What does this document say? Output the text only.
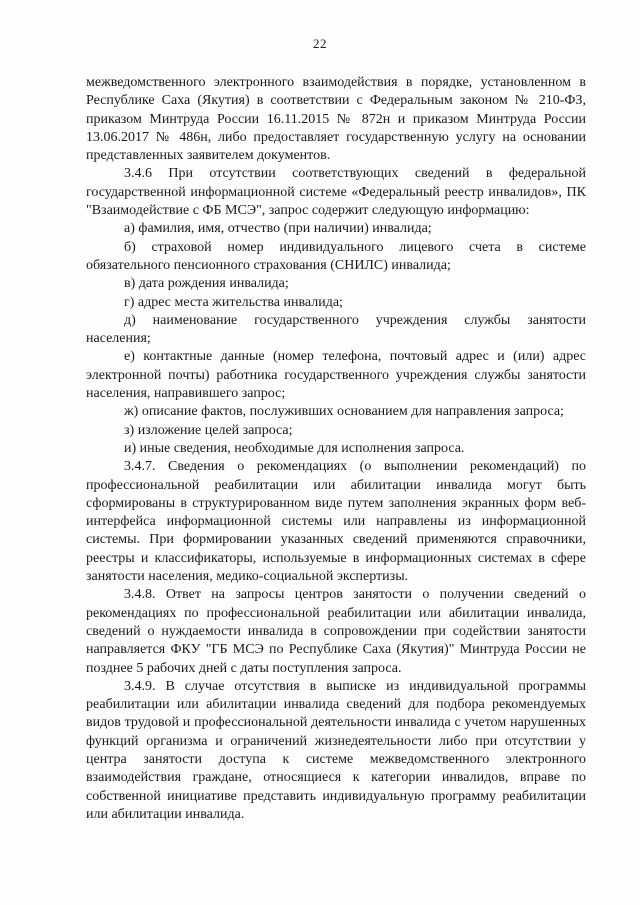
22

межведомственного электронного взаимодействия в порядке, установленном в Республике Саха (Якутия) в соответствии с Федеральным законом № 210-ФЗ, приказом Минтруда России 16.11.2015 № 872н и приказом Минтруда России 13.06.2017 № 486н, либо предоставляет государственную услугу на основании представленных заявителем документов.

3.4.6 При отсутствии соответствующих сведений в федеральной государственной информационной системе «Федеральный реестр инвалидов», ПК "Взаимодействие с ФБ МСЭ", запрос содержит следующую информацию:

а) фамилия, имя, отчество (при наличии) инвалида;

б) страховой номер индивидуального лицевого счета в системе обязательного пенсионного страхования (СНИЛС) инвалида;

в) дата рождения инвалида;

г) адрес места жительства инвалида;

д) наименование государственного учреждения службы занятости населения;

е) контактные данные (номер телефона, почтовый адрес и (или) адрес электронной почты) работника государственного учреждения службы занятости населения, направившего запрос;

ж) описание фактов, послуживших основанием для направления запроса;

з) изложение целей запроса;

и) иные сведения, необходимые для исполнения запроса.

3.4.7. Сведения о рекомендациях (о выполнении рекомендаций) по профессиональной реабилитации или абилитации инвалида могут быть сформированы в структурированном виде путем заполнения экранных форм веб-интерфейса информационной системы или направлены из информационной системы. При формировании указанных сведений применяются справочники, реестры и классификаторы, используемые в информационных системах в сфере занятости населения, медико-социальной экспертизы.

3.4.8. Ответ на запросы центров занятости о получении сведений о рекомендациях по профессиональной реабилитации или абилитации инвалида, сведений о нуждаемости инвалида в сопровождении при содействии занятости направляется ФКУ "ГБ МСЭ по Республике Саха (Якутия)" Минтруда России не позднее 5 рабочих дней с даты поступления запроса.

3.4.9. В случае отсутствия в выписке из индивидуальной программы реабилитации или абилитации инвалида сведений для подбора рекомендуемых видов трудовой и профессиональной деятельности инвалида с учетом нарушенных функций организма и ограничений жизнедеятельности либо при отсутствии у центра занятости доступа к системе межведомственного электронного взаимодействия граждане, относящиеся к категории инвалидов, вправе по собственной инициативе представить индивидуальную программу реабилитации или абилитации инвалида.
